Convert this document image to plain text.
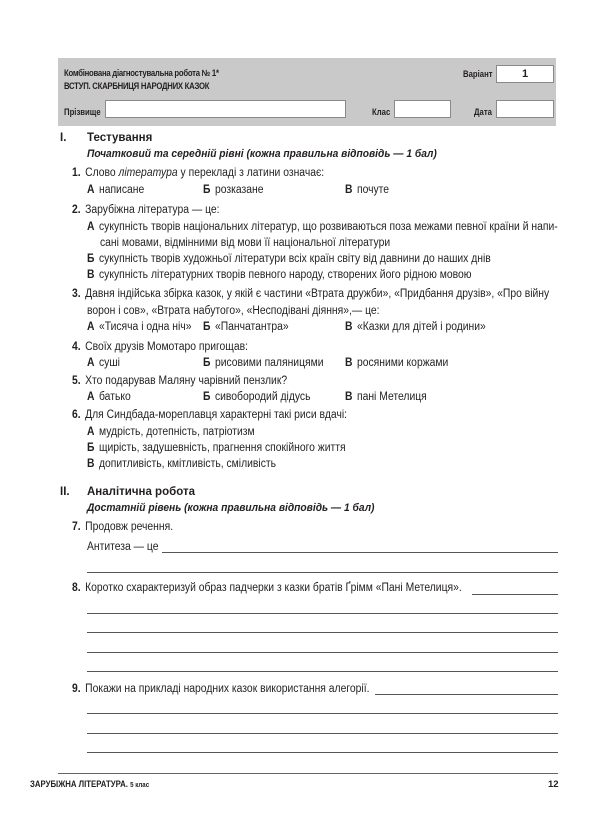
Комбінована діагностувальна робота № 1*
ВСТУП. СКАРБНИЦЯ НАРОДНИХ КАЗОК
Варіант	1
Прізвище	Клас	Дата
I. Тестування
Початковий та середній рівні (кожна правильна відповідь — 1 бал)
1. Слово література у перекладі з латини означає:
А написане	Б розказане	В почуте
2. Зарубіжна література — це:
А сукупність творів національних літератур, що розвиваються поза межами певної країни й напи-
сані мовами, відмінними від мови її національної літератури
Б сукупність творів художньої літератури всіх країн світу від давнини до наших днів
В сукупність літературних творів певного народу, створених його рідною мовою
3. Давня індійська збірка казок, у якій є частини «Втрата дружби», «Придбання друзів», «Про війну
ворон і сов», «Втрата набутого», «Несподівані діяння»,— це:
А «Тисяча і одна ніч» Б «Панчатантра»	В «Казки для дітей і родини»
4. Своїх друзів Момотаро пригощав:
А суші	Б рисовими паляницями В росяними коржами
5. Хто подарував Маляну чарівний пензлик?
А батько	Б сивобородий дідусь	В пані Метелиця
6. Для Синдбада-мореплавця характерні такі риси вдачі:
А мудрість, дотепність, патріотизм
Б щирість, задушевність, прагнення спокійного життя
В допитливість, кмітливість, сміливість
II. Аналітична робота
Достатній рівень (кожна правильна відповідь — 1 бал)
7. Продовж речення.
Антитеза — це
8. Коротко схарактеризуй образ падчерки з казки братів Ґрімм «Пані Метелиця».
9. Покажи на прикладі народних казок використання алегорії.
ЗАРУБІЖНА ЛІТЕРАТУРА. 5 клас	12
